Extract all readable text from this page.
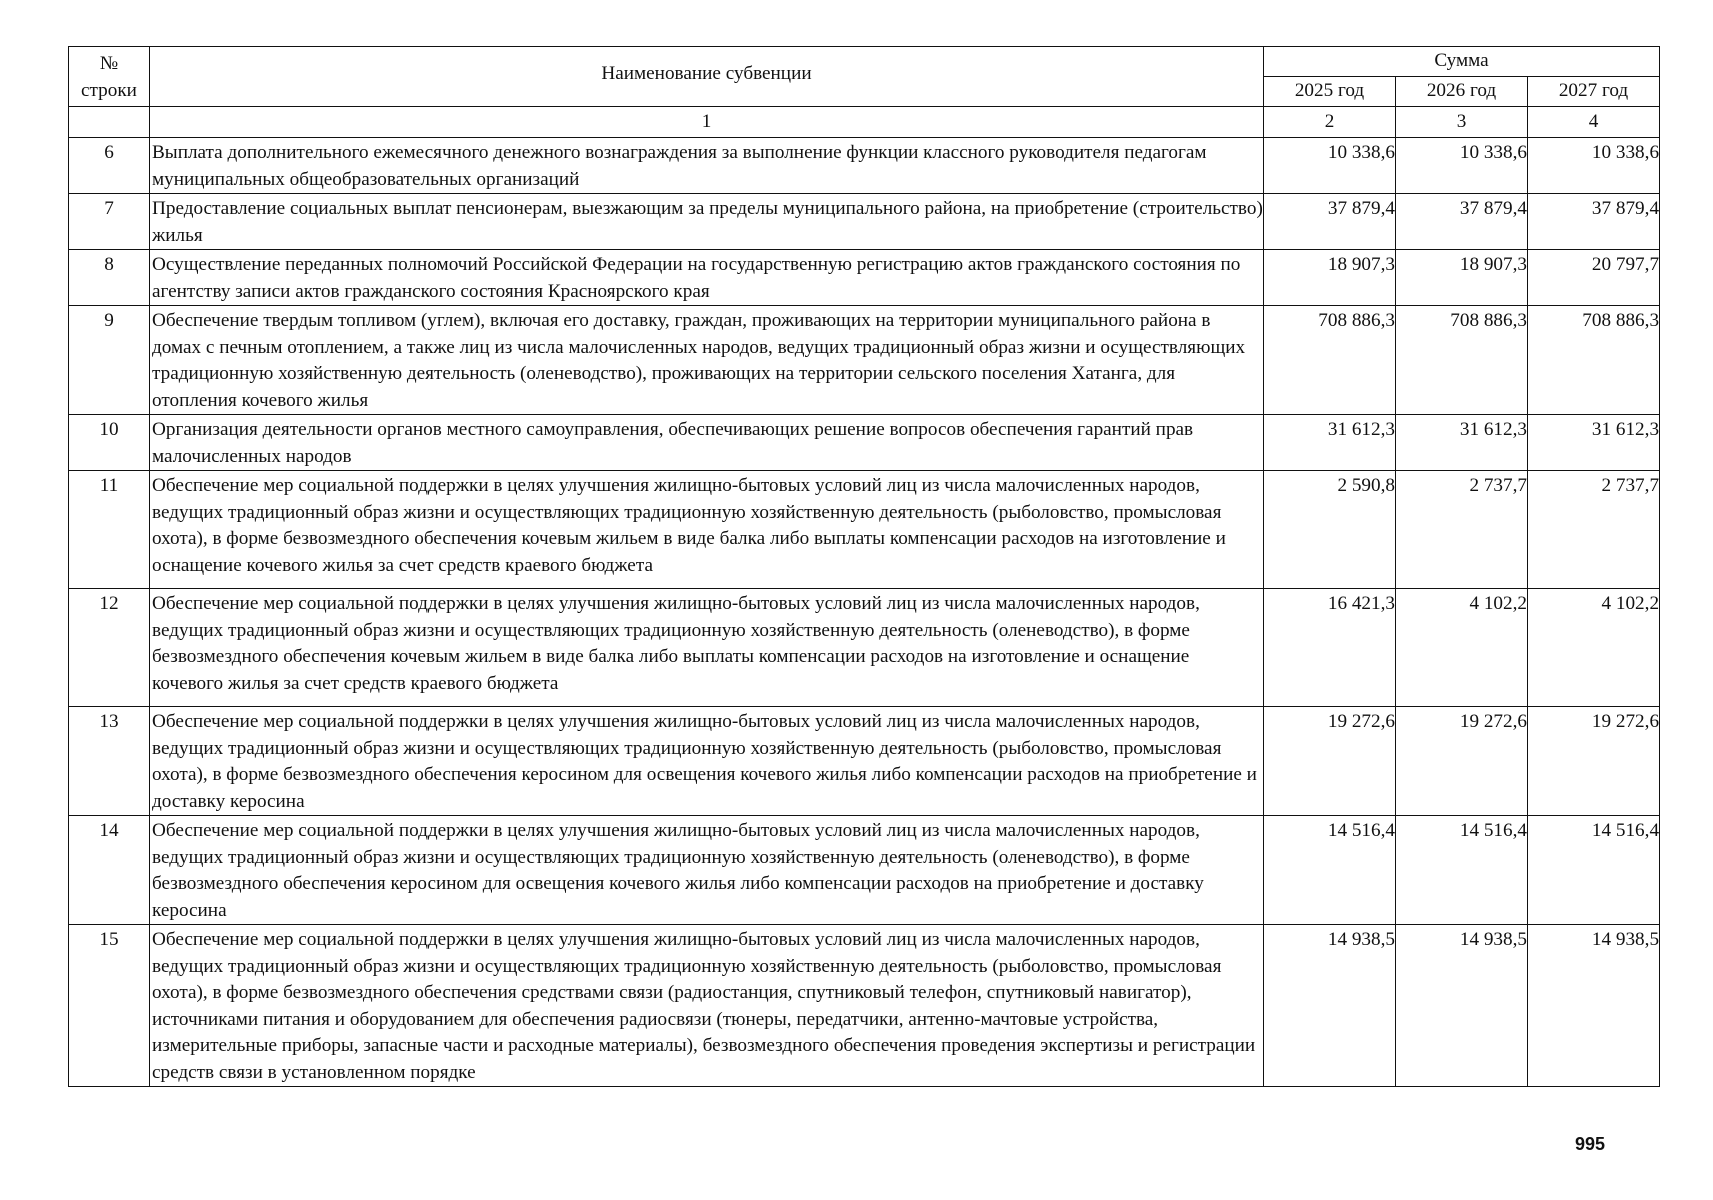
№
строки	Наименование субвенции	Сумма		
		2025 год	2026 год	2027 год
	1	2	3	4
6	Выплата дополнительного ежемесячного денежного вознаграждения за выполнение функции классного руководителя педагогам муниципальных общеобразовательных организаций	10 338,6	10 338,6	10 338,6
7	Предоставление социальных выплат пенсионерам, выезжающим за пределы муниципального района, на приобретение (строительство) жилья	37 879,4	37 879,4	37 879,4
8	Осуществление переданных полномочий Российской Федерации на государственную регистрацию актов гражданского состояния по агентству записи актов гражданского состояния Красноярского края	18 907,3	18 907,3	20 797,7
9	Обеспечение твердым топливом (углем), включая его доставку, граждан, проживающих на территории муниципального района в домах с печным отоплением, а также лиц из числа малочисленных народов, ведущих традиционный образ жизни и осуществляющих традиционную хозяйственную деятельность (оленеводство), проживающих на территории сельского поселения Хатанга, для отопления кочевого жилья	708 886,3	708 886,3	708 886,3
10	Организация деятельности органов местного самоуправления, обеспечивающих решение вопросов обеспечения гарантий прав малочисленных народов	31 612,3	31 612,3	31 612,3
11	Обеспечение мер социальной поддержки в целях улучшения жилищно-бытовых условий лиц из числа малочисленных народов, ведущих традиционный образ жизни и осуществляющих традиционную хозяйственную деятельность (рыболовство, промысловая охота), в форме безвозмездного обеспечения кочевым жильем в виде балка либо выплаты компенсации расходов на изготовление и оснащение кочевого жилья за счет средств краевого бюджета	2 590,8	2 737,7	2 737,7
12	Обеспечение мер социальной поддержки в целях улучшения жилищно-бытовых условий лиц из числа малочисленных народов, ведущих традиционный образ жизни и осуществляющих традиционную хозяйственную деятельность (оленеводство), в форме безвозмездного обеспечения кочевым жильем в виде балка либо выплаты компенсации расходов на изготовление и оснащение кочевого жилья за счет средств краевого бюджета	16 421,3	4 102,2	4 102,2
13	Обеспечение мер социальной поддержки в целях улучшения жилищно-бытовых условий лиц из числа малочисленных народов, ведущих традиционный образ жизни и осуществляющих традиционную хозяйственную деятельность (рыболовство, промысловая охота), в форме безвозмездного обеспечения керосином для освещения кочевого жилья либо компенсации расходов на приобретение и доставку керосина	19 272,6	19 272,6	19 272,6
14	Обеспечение мер социальной поддержки в целях улучшения жилищно-бытовых условий лиц из числа малочисленных народов, ведущих традиционный образ жизни и осуществляющих традиционную хозяйственную деятельность (оленеводство), в форме безвозмездного обеспечения керосином для освещения кочевого жилья либо компенсации расходов на приобретение и доставку керосина	14 516,4	14 516,4	14 516,4
15	Обеспечение мер социальной поддержки в целях улучшения жилищно-бытовых условий лиц из числа малочисленных народов, ведущих традиционный образ жизни и осуществляющих традиционную хозяйственную деятельность (рыболовство, промысловая охота), в форме безвозмездного обеспечения средствами связи (радиостанция, спутниковый телефон, спутниковый навигатор), источниками питания и оборудованием для обеспечения радиосвязи (тюнеры, передатчики, антенно-мачтовые устройства, измерительные приборы, запасные части и расходные материалы), безвозмездного обеспечения проведения экспертизы и регистрации средств связи в установленном порядке	14 938,5	14 938,5	14 938,5
995
